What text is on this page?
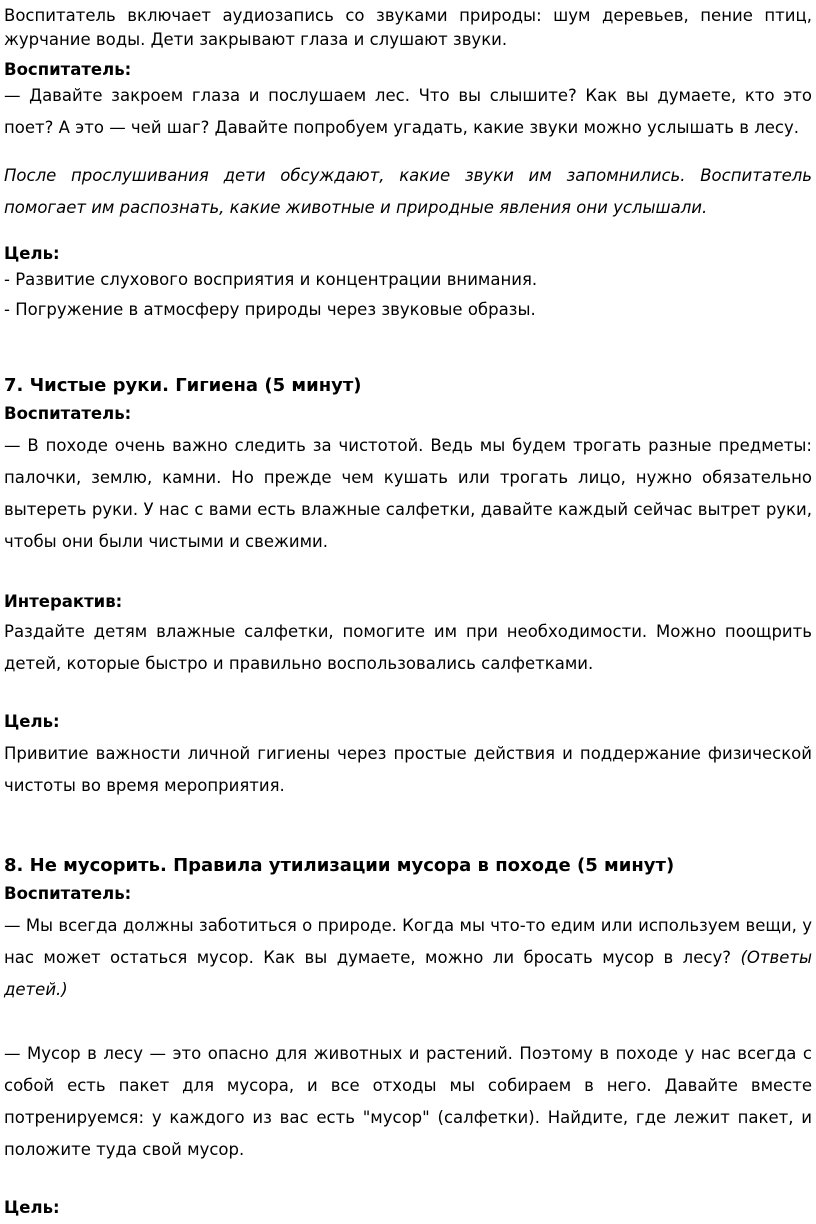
Воспитатель включает аудиозапись со звуками природы: шум деревьев, пение птиц, журчание воды. Дети закрывают глаза и слушают звуки.

Воспитатель:

— Давайте закроем глаза и послушаем лес. Что вы слышите? Как вы думаете, кто это поет? А это — чей шаг? Давайте попробуем угадать, какие звуки можно услышать в лесу.

После прослушивания дети обсуждают, какие звуки им запомнились. Воспитатель помогает им распознать, какие животные и природные явления они услышали.

Цель:

- Развитие слухового восприятия и концентрации внимания.

- Погружение в атмосферу природы через звуковые образы.

7. Чистые руки. Гигиена (5 минут)

Воспитатель:

— В походе очень важно следить за чистотой. Ведь мы будем трогать разные предметы: палочки, землю, камни. Но прежде чем кушать или трогать лицо, нужно обязательно вытереть руки. У нас с вами есть влажные салфетки, давайте каждый сейчас вытрет руки, чтобы они были чистыми и свежими.

Интерактив:

Раздайте детям влажные салфетки, помогите им при необходимости. Можно поощрить детей, которые быстро и правильно воспользовались салфетками.

Цель:

Привитие важности личной гигиены через простые действия и поддержание физической чистоты во время мероприятия.

8. Не мусорить. Правила утилизации мусора в походе (5 минут)

Воспитатель:

— Мы всегда должны заботиться о природе. Когда мы что-то едим или используем вещи, у нас может остаться мусор. Как вы думаете, можно ли бросать мусор в лесу? (Ответы детей.)

— Мусор в лесу — это опасно для животных и растений. Поэтому в походе у нас всегда с собой есть пакет для мусора, и все отходы мы собираем в него. Давайте вместе потренируемся: у каждого из вас есть "мусор" (салфетки). Найдите, где лежит пакет, и положите туда свой мусор.

Цель:
